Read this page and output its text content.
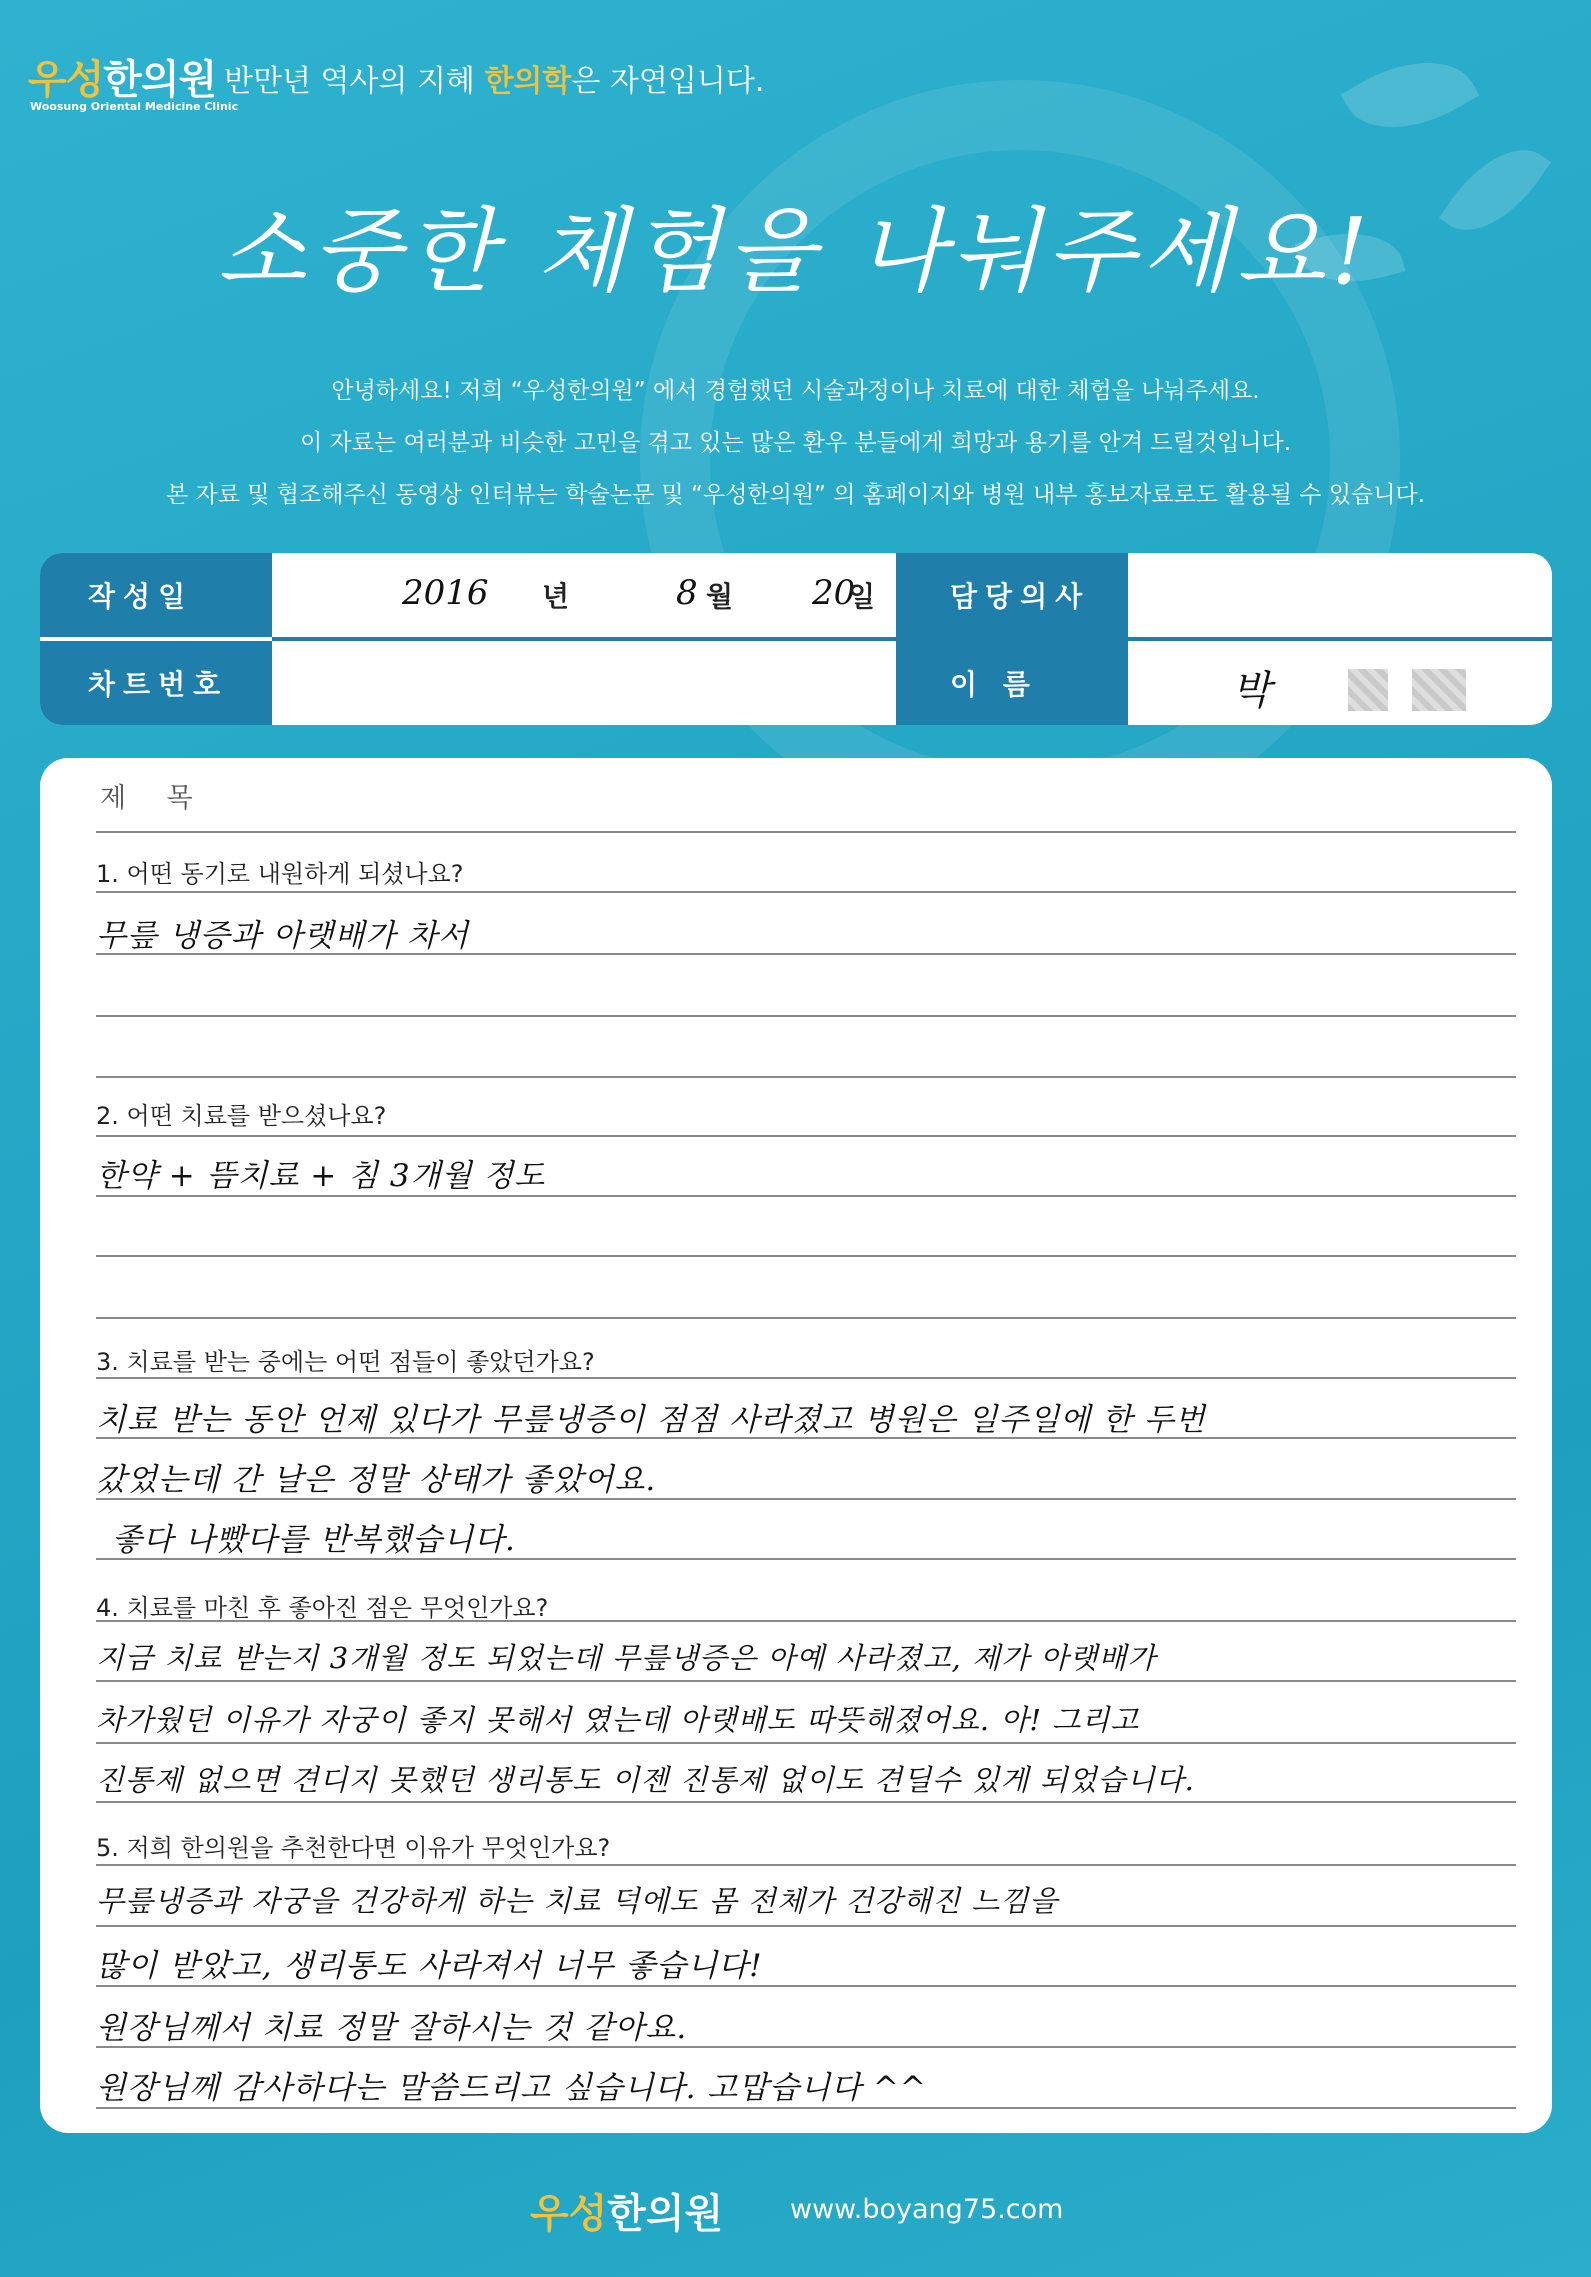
우성한의원
Woosung Oriental Medicine Clinic
반만년 역사의 지혜 한의학은 자연입니다.
소중한 체험을 나눠주세요!
안녕하세요! 저희 “우성한의원” 에서 경험했던 시술과정이나 치료에 대한 체험을 나눠주세요.
이 자료는 여러분과 비슷한 고민을 겪고 있는 많은 환우 분들에게 희망과 용기를 안겨 드릴것입니다.
본 자료 및 협조해주신 동영상 인터뷰는 학술논문 및 “우성한의원” 의 홈페이지와 병원 내부 홍보자료로도 활용될 수 있습니다.
작성일
차트번호
담당의사
이 름
2016 년	8 월 20
일
박
제 목
1. 어떤 동기로 내원하게 되셨나요?
무릎 냉증과 아랫배가 차서
2. 어떤 치료를 받으셨나요?
한약 + 뜸치료 + 침 3개월 정도
3. 치료를 받는 중에는 어떤 점들이 좋았던가요?
치료 받는 동안 언제 있다가 무릎냉증이 점점 사라졌고 병원은 일주일에 한 두번
갔었는데 간 날은 정말 상태가 좋았어요.
좋다 나빴다를 반복했습니다.
4. 치료를 마친 후 좋아진 점은 무엇인가요?
지금 치료 받는지 3개월 정도 되었는데 무릎냉증은 아예 사라졌고, 제가 아랫배가
차가웠던 이유가 자궁이 좋지 못해서 였는데 아랫배도 따뜻해졌어요. 아! 그리고
진통제 없으면 견디지 못했던 생리통도 이젠 진통제 없이도 견딜수 있게 되었습니다.
5. 저희 한의원을 추천한다면 이유가 무엇인가요?
무릎냉증과 자궁을 건강하게 하는 치료 덕에도 몸 전체가 건강해진 느낌을
많이 받았고, 생리통도 사라져서 너무 좋습니다!
원장님께서 치료 정말 잘하시는 것 같아요.
원장님께 감사하다는 말씀드리고 싶습니다. 고맙습니다 ^^
우성한의원 www.boyang75.com
